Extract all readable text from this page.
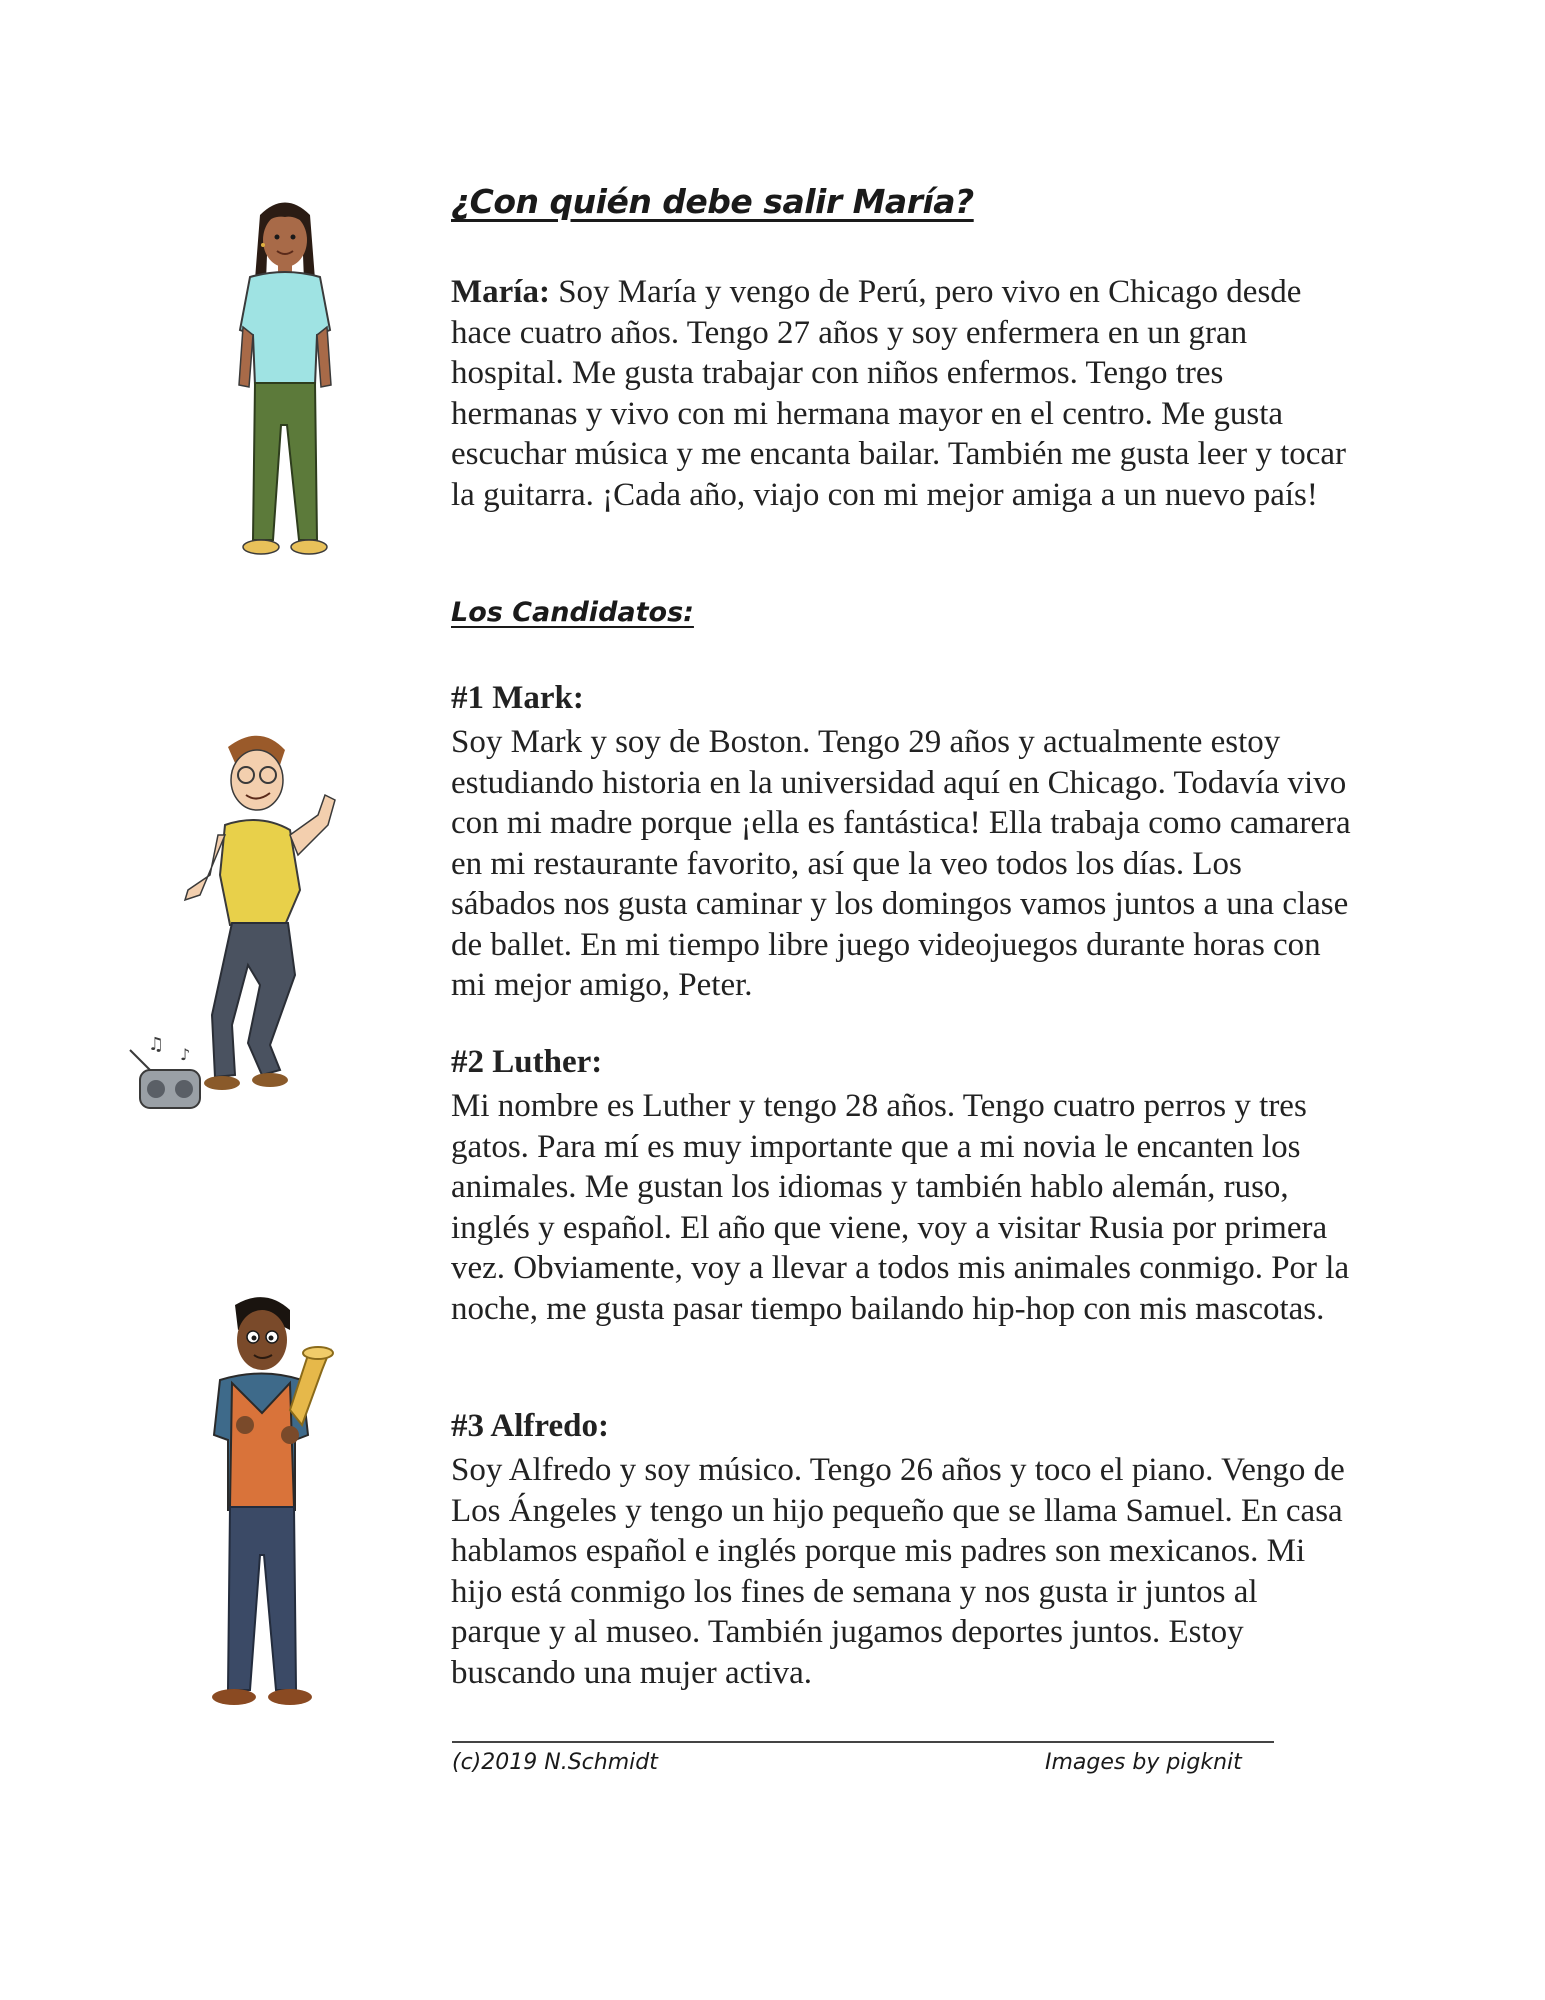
¿Con quién debe salir María?
María: Soy María y vengo de Perú, pero vivo en Chicago desde hace cuatro años. Tengo 27 años y soy enfermera en un gran hospital. Me gusta trabajar con niños enfermos. Tengo tres hermanas y vivo con mi hermana mayor en el centro. Me gusta escuchar música y me encanta bailar. También me gusta leer y tocar la guitarra. ¡Cada año, viajo con mi mejor amiga a un nuevo país!
Los Candidatos:
#1 Mark:
Soy Mark y soy de Boston. Tengo 29 años y actualmente estoy estudiando historia en la universidad aquí en Chicago. Todavía vivo con mi madre porque ¡ella es fantástica! Ella trabaja como camarera en mi restaurante favorito, así que la veo todos los días. Los sábados nos gusta caminar y los domingos vamos juntos a una clase de ballet. En mi tiempo libre juego videojuegos durante horas con mi mejor amigo, Peter.
#2 Luther:
Mi nombre es Luther y tengo 28 años. Tengo cuatro perros y tres gatos. Para mí es muy importante que a mi novia le encanten los animales. Me gustan los idiomas y también hablo alemán, ruso, inglés y español. El año que viene, voy a visitar Rusia por primera vez. Obviamente, voy a llevar a todos mis animales conmigo. Por la noche, me gusta pasar tiempo bailando hip-hop con mis mascotas.
#3 Alfredo:
Soy Alfredo y soy músico. Tengo 26 años y toco el piano. Vengo de Los Ángeles y tengo un hijo pequeño que se llama Samuel. En casa hablamos español e inglés porque mis padres son mexicanos. Mi hijo está conmigo los fines de semana y nos gusta ir juntos al parque y al museo. También jugamos deportes juntos. Estoy buscando una mujer activa.
(c)2019 N.Schmidt	Images by pigknit
♫ ♪
